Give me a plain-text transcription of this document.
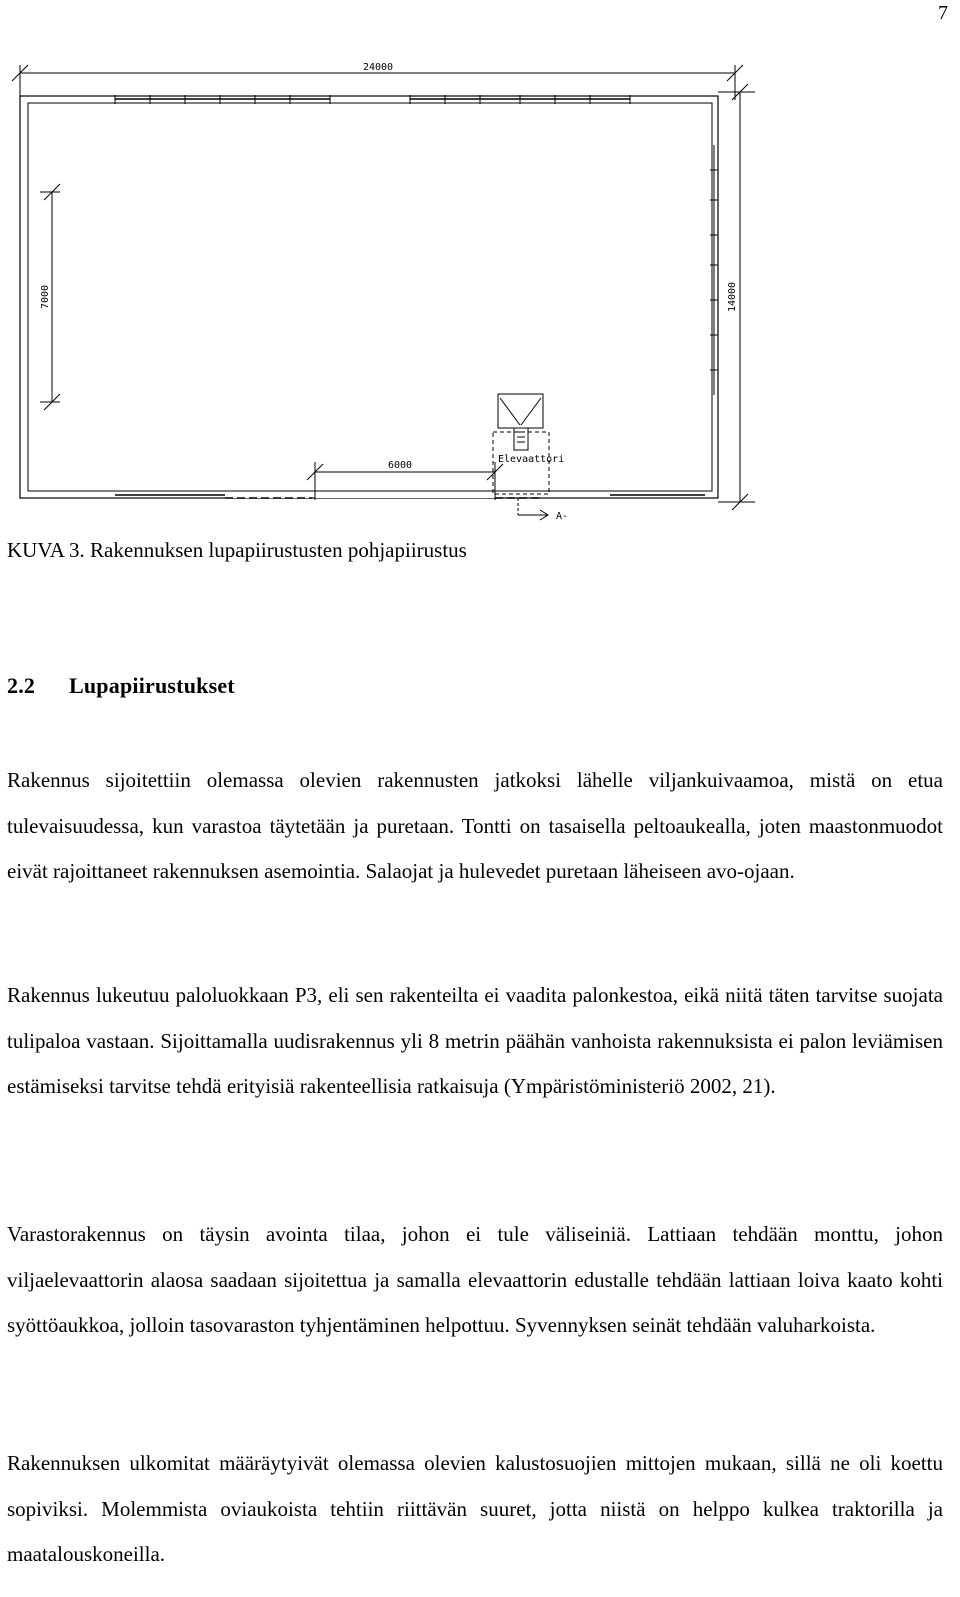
7
24000
14000
7000
6000
Elevaattori
A-
KUVA 3. Rakennuksen lupapiirustusten pohjapiirustus
2.2 Lupapiirustukset
Rakennus sijoitettiin olemassa olevien rakennusten jatkoksi lähelle viljankuivaamoa, mistä on etua tulevaisuudessa, kun varastoa täytetään ja puretaan. Tontti on tasaisella peltoaukealla, joten maastonmuodot eivät rajoittaneet rakennuksen asemointia. Salaojat ja hulevedet puretaan läheiseen avo-ojaan.
Rakennus lukeutuu paloluokkaan P3, eli sen rakenteilta ei vaadita palonkestoa, eikä niitä täten tarvitse suojata tulipaloa vastaan. Sijoittamalla uudisrakennus yli 8 metrin päähän vanhoista rakennuksista ei palon leviämisen estämiseksi tarvitse tehdä erityisiä rakenteellisia ratkaisuja (Ympäristöministeriö 2002, 21).
Varastorakennus on täysin avointa tilaa, johon ei tule väliseiniä. Lattiaan tehdään monttu, johon viljaelevaattorin alaosa saadaan sijoitettua ja samalla elevaattorin edustalle tehdään lattiaan loiva kaato kohti syöttöaukkoa, jolloin tasovaraston tyhjentäminen helpottuu. Syvennyksen seinät tehdään valuharkoista.
Rakennuksen ulkomitat määräytyivät olemassa olevien kalustosuojien mittojen mukaan, sillä ne oli koettu sopiviksi. Molemmista oviaukoista tehtiin riittävän suuret, jotta niistä on helppo kulkea traktorilla ja maatalouskoneilla.
